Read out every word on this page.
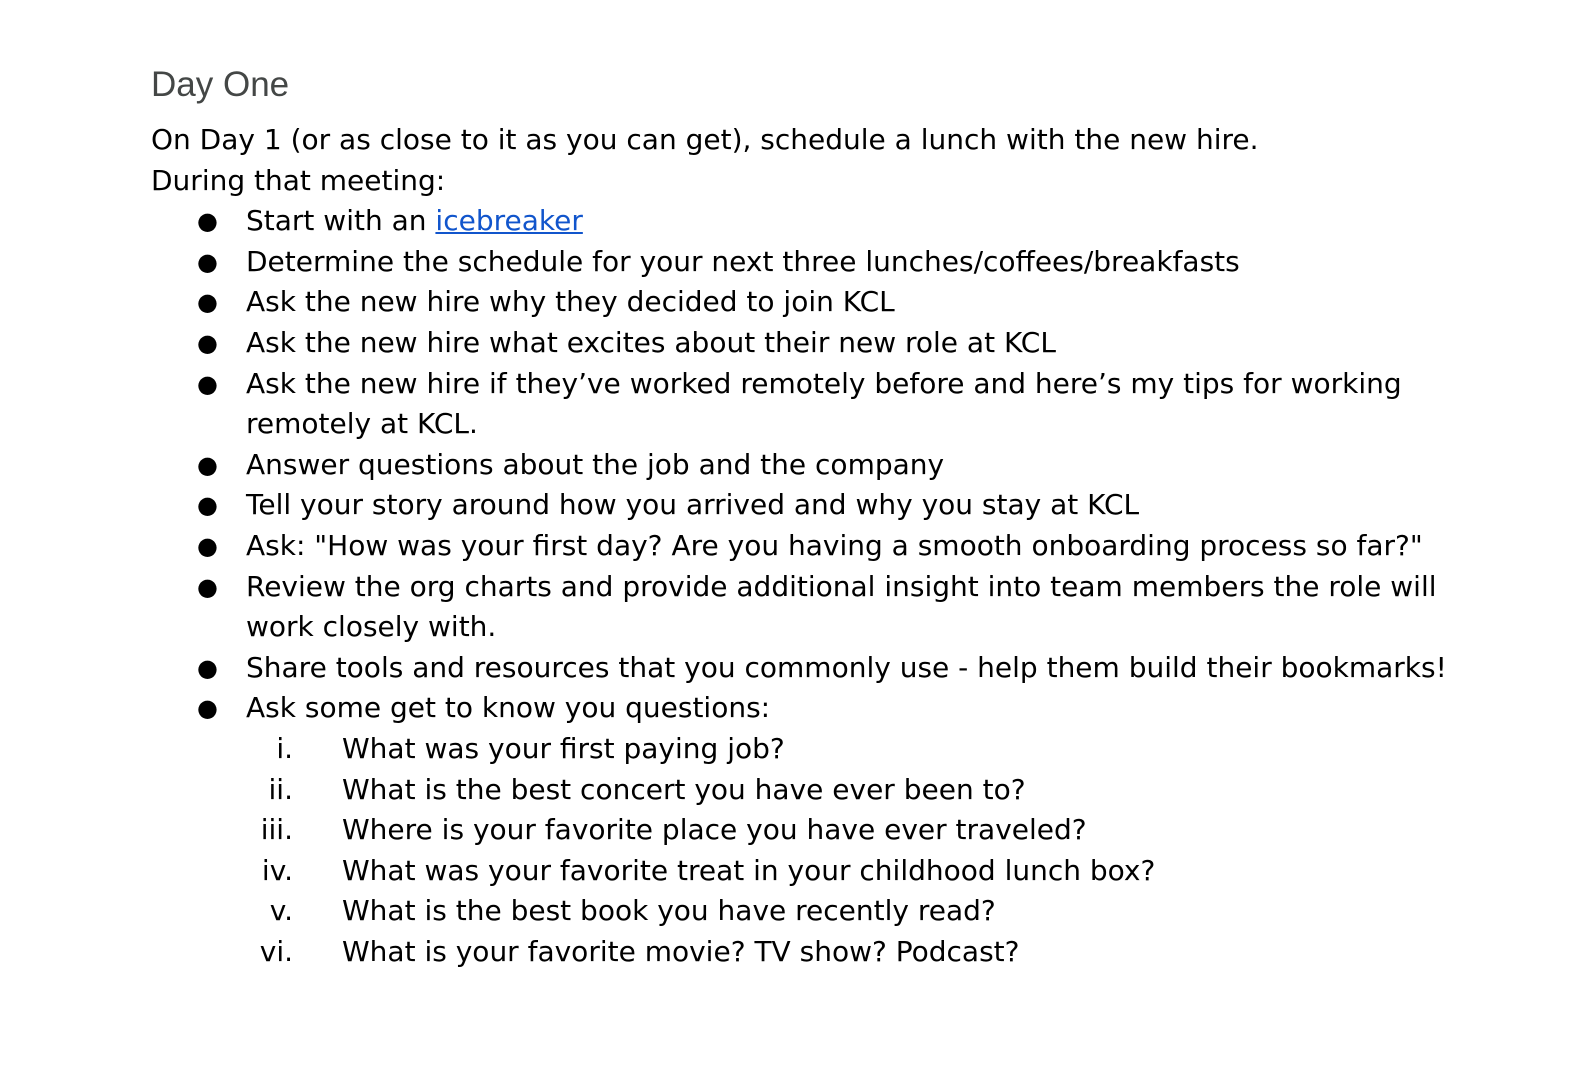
Day One

On Day 1 (or as close to it as you can get), schedule a lunch with the new hire.
During that meeting:

● Start with an icebreaker
● Determine the schedule for your next three lunches/coffees/breakfasts
● Ask the new hire why they decided to join KCL
● Ask the new hire what excites about their new role at KCL
● Ask the new hire if they’ve worked remotely before and here’s my tips for working remotely at KCL.
● Answer questions about the job and the company
● Tell your story around how you arrived and why you stay at KCL
● Ask: "How was your first day? Are you having a smooth onboarding process so far?"
● Review the org charts and provide additional insight into team members the role will work closely with.
● Share tools and resources that you commonly use - help them build their bookmarks!
● Ask some get to know you questions:
i. What was your first paying job?
ii. What is the best concert you have ever been to?
iii. Where is your favorite place you have ever traveled?
iv. What was your favorite treat in your childhood lunch box?
v. What is the best book you have recently read?
vi. What is your favorite movie? TV show? Podcast?
